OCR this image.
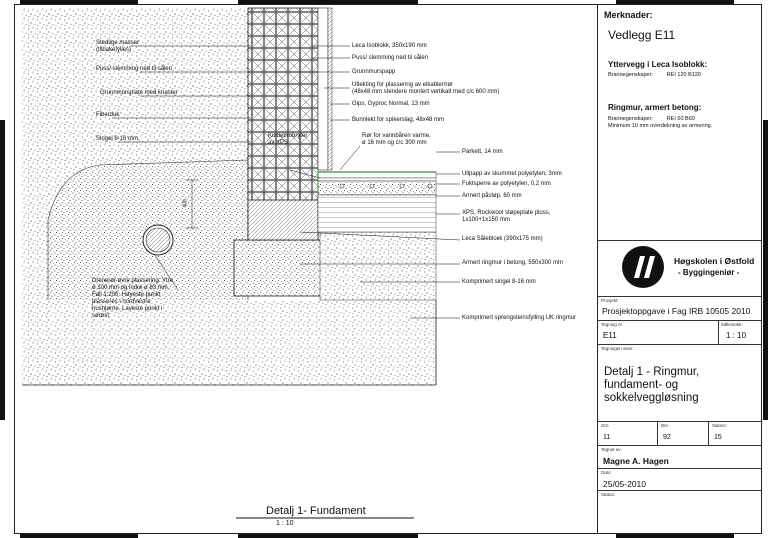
Stedlige masser
(tilbakefylles)
Puss/ slemming ned til sålen
Grunnmursplate med knaster
Fiberduk
Singel 8-16 mm
Drenerør øvre plassering. Ytre
ø 100 mm og indre ø 83 mm.
Fall 1:200. Høyeste punkt
plasseres i nordvestre
hushjørne. Laveste punkt i
sørøst
Kuldebrobryter
av XPS
400
Leca Isoblokk, 350x190 mm
Puss/ slemming ned til sålen
Grunnmurspapp
Utlekting for plassering av elkabler/rør
(48x48 mm stendere montert vertikalt med c/c 600 mm)
Gips, Gyproc Normal, 13 mm
Bunnlekt for spikerslag, 48x48 mm
Rør for vannbåren varme,
ø 16 mm og c/c 300 mm
Parkett, 14 mm
Ullpapp av skummet polyetylen, 3mm
Fuktsperre av polyetylen, 0,2 mm
Armert påstøp, 60 mm
XPS, Rockwool støpeplate pluss,
1x100+1x150 mm
Leca Sålebloкk (390x175 mm)
Armert ringmur i betong, 550x300 mm
Komprimert singel 8-16 mm
Komprimert sprengsteinsfylling UK ringmur
Detalj 1- Fundament
1 : 10
Merknader:
Vedlegg E11
Yttervegg i Leca Isoblokk:
Brannegenskaper:         REI 120 B120
Ringmur, armert betong:
Brannegenskaper:         REI 60 B60
Minimum 10 mm overdekning av armering.
Høgskolen i Østfold
- Byggingeniør -
Prosjekt:
Prosjektoppgave i Fag IRB 10505 2010
Tegning nr:
E11
Målestokk:
1 : 10
Tegningen viser:
Detalj 1 - Ringmur,
fundament- og
sokkelveggløsning
Grn
11
Bnr
92
Saksnr:
15
Tegnet av:
Magne A. Hagen
Dato:
25/05-2010
Status:
